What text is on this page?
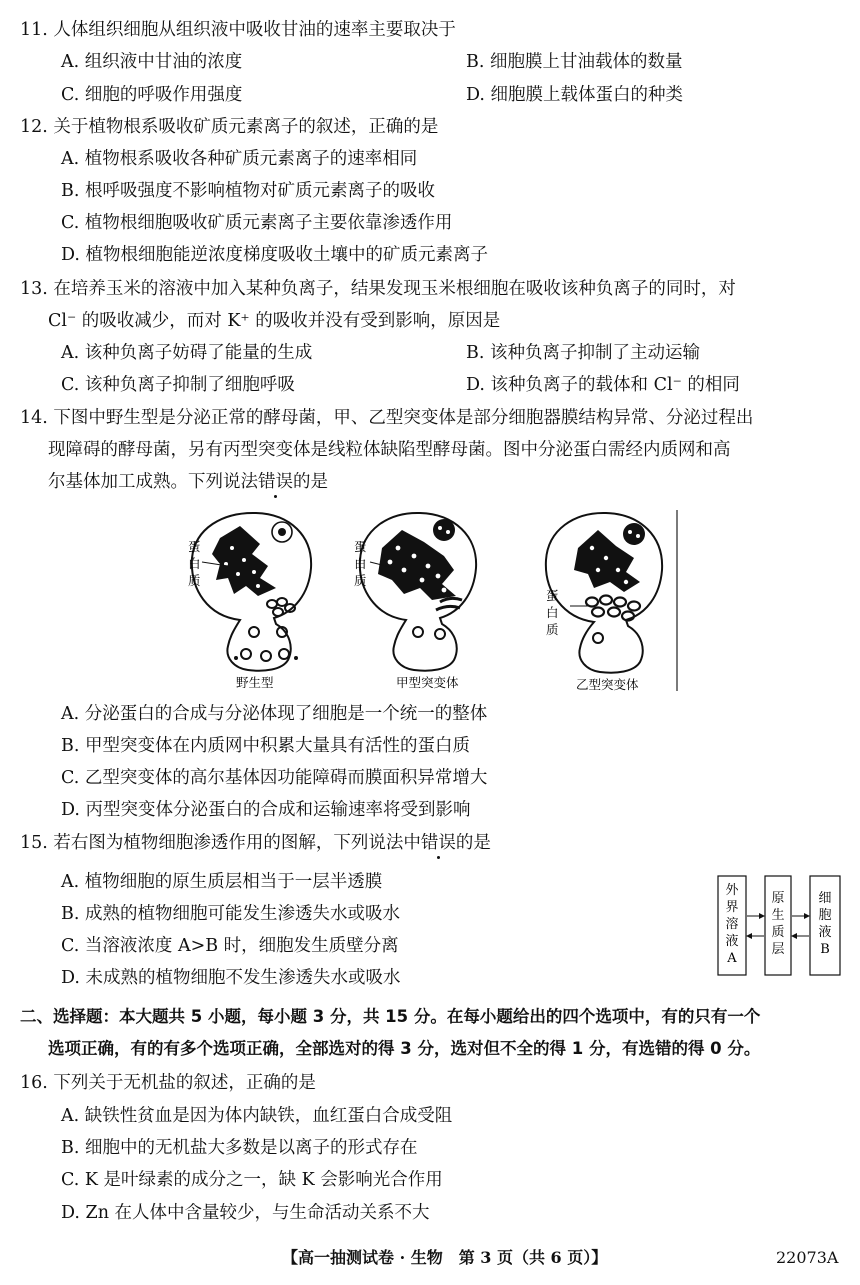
11. 人体组织细胞从组织液中吸收甘油的速率主要取决于
A. 组织液中甘油的浓度	B. 细胞膜上甘油载体的数量
C. 细胞的呼吸作用强度	D. 细胞膜上载体蛋白的种类
12. 关于植物根系吸收矿质元素离子的叙述，正确的是
A. 植物根系吸收各种矿质元素离子的速率相同
B. 根呼吸强度不影响植物对矿质元素离子的吸收
C. 植物根细胞吸收矿质元素离子主要依靠渗透作用
D. 植物根细胞能逆浓度梯度吸收土壤中的矿质元素离子
13. 在培养玉米的溶液中加入某种负离子，结果发现玉米根细胞在吸收该种负离子的同时，对
Cl⁻ 的吸收减少，而对 K⁺ 的吸收并没有受到影响，原因是
A. 该种负离子妨碍了能量的生成	B. 该种负离子抑制了主动运输
C. 该种负离子抑制了细胞呼吸	D. 该种负离子的载体和 Cl⁻ 的相同
14. 下图中野生型是分泌正常的酵母菌，甲、乙型突变体是部分细胞器膜结构异常、分泌过程出
现障碍的酵母菌，另有丙型突变体是线粒体缺陷型酵母菌。图中分泌蛋白需经内质网和高
尔基体加工成熟。下列说法错误的是
蛋
白
质
野生型
蛋
白
质
甲型突变体
蛋
白
质
乙型突变体
A. 分泌蛋白的合成与分泌体现了细胞是一个统一的整体
B. 甲型突变体在内质网中积累大量具有活性的蛋白质
C. 乙型突变体的高尔基体因功能障碍而膜面积异常增大
D. 丙型突变体分泌蛋白的合成和运输速率将受到影响
15. 若右图为植物细胞渗透作用的图解，下列说法中错误的是
A. 植物细胞的原生质层相当于一层半透膜
B. 成熟的植物细胞可能发生渗透失水或吸水
C. 当溶液浓度 A>B 时，细胞发生质壁分离
D. 未成熟的植物细胞不发生渗透失水或吸水
外
界
溶
液
A
原
生
质
层
细
胞
液
B
二、选择题：本大题共 5 小题，每小题 3 分，共 15 分。在每小题给出的四个选项中，有的只有一个
选项正确，有的有多个选项正确，全部选对的得 3 分，选对但不全的得 1 分，有选错的得 0 分。
16. 下列关于无机盐的叙述，正确的是
A. 缺铁性贫血是因为体内缺铁，血红蛋白合成受阻
B. 细胞中的无机盐大多数是以离子的形式存在
C. K 是叶绿素的成分之一，缺 K 会影响光合作用
D. Zn 在人体中含量较少，与生命活动关系不大
【高一抽测试卷 · 生物　第 3 页（共 6 页）】	22073A
